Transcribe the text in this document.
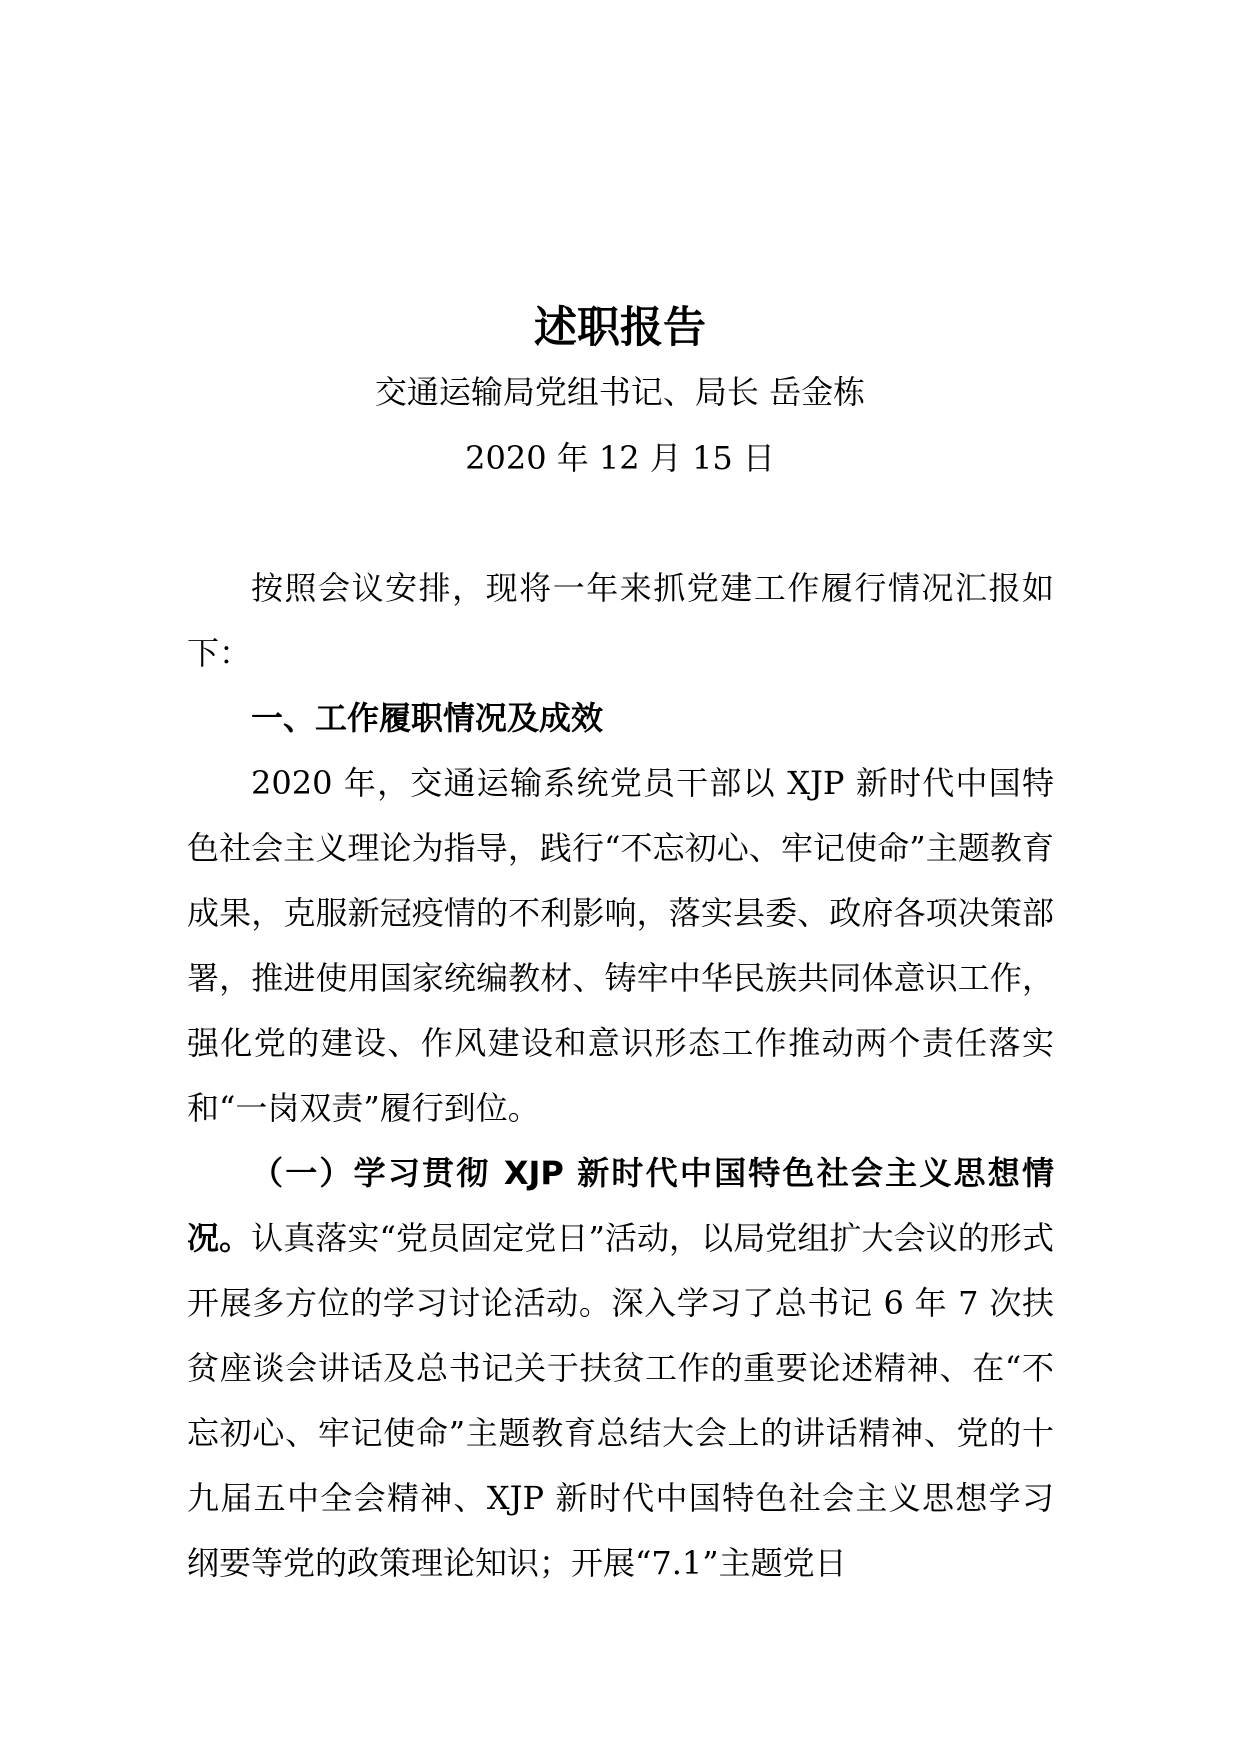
述职报告

交通运输局党组书记、局长 岳金栋

2020 年 12 月 15 日

按照会议安排，现将一年来抓党建工作履行情况汇报如下：

一、工作履职情况及成效

2020 年，交通运输系统党员干部以 XJP 新时代中国特色社会主义理论为指导，践行“不忘初心、牢记使命”主题教育成果，克服新冠疫情的不利影响，落实县委、政府各项决策部署，推进使用国家统编教材、铸牢中华民族共同体意识工作，强化党的建设、作风建设和意识形态工作推动两个责任落实和“一岗双责”履行到位。

（一）学习贯彻 XJP 新时代中国特色社会主义思想情况。认真落实“党员固定党日”活动，以局党组扩大会议的形式开展多方位的学习讨论活动。深入学习了总书记 6 年 7 次扶贫座谈会讲话及总书记关于扶贫工作的重要论述精神、在“不忘初心、牢记使命”主题教育总结大会上的讲话精神、党的十九届五中全会精神、XJP 新时代中国特色社会主义思想学习纲要等党的政策理论知识；开展“7.1”主题党日
